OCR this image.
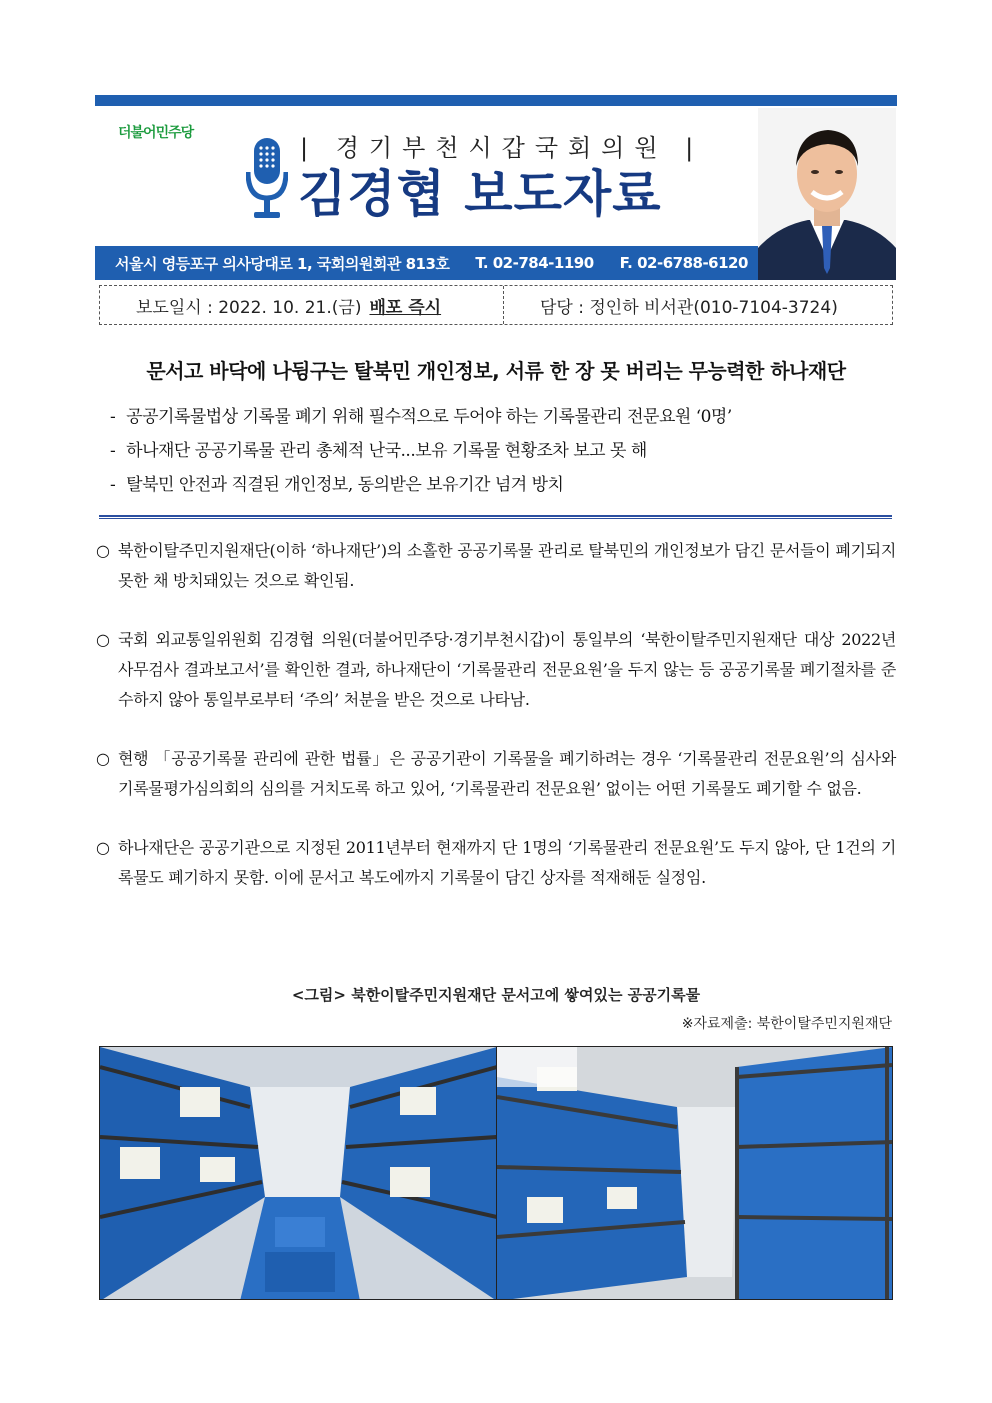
더불어민주당
| 경기부천시갑국회의원 |
김경협 보도자료
서울시 영등포구 의사당대로 1, 국회의원회관 813호 T. 02-784-1190 F. 02-6788-6120
보도일시 : 2022. 10. 21.(금) 배포 즉시	담당 : 정인하 비서관(010-7104-3724)
문서고 바닥에 나뒹구는 탈북민 개인정보, 서류 한 장 못 버리는 무능력한 하나재단
- 공공기록물법상 기록물 폐기 위해 필수적으로 두어야 하는 기록물관리 전문요원 ‘0명’
- 하나재단 공공기록물 관리 총체적 난국...보유 기록물 현황조차 보고 못 해
- 탈북민 안전과 직결된 개인정보, 동의받은 보유기간 넘겨 방치

○ 북한이탈주민지원재단(이하 ‘하나재단’)의 소홀한 공공기록물 관리로 탈북민의 개인정보가 담긴 문서들이 폐기되지 못한 채 방치돼있는 것으로 확인됨.

○ 국회 외교통일위원회 김경협 의원(더불어민주당·경기부천시갑)이 통일부의 ‘북한이탈주민지원재단 대상 2022년 사무검사 결과보고서’를 확인한 결과, 하나재단이 ‘기록물관리 전문요원’을 두지 않는 등 공공기록물 폐기절차를 준수하지 않아 통일부로부터 ‘주의’ 처분을 받은 것으로 나타남.

○ 현행 「공공기록물 관리에 관한 법률」은 공공기관이 기록물을 폐기하려는 경우 ‘기록물관리 전문요원’의 심사와 기록물평가심의회의 심의를 거치도록 하고 있어, ‘기록물관리 전문요원’ 없이는 어떤 기록물도 폐기할 수 없음.

○ 하나재단은 공공기관으로 지정된 2011년부터 현재까지 단 1명의 ‘기록물관리 전문요원’도 두지 않아, 단 1건의 기록물도 폐기하지 못함. 이에 문서고 복도에까지 기록물이 담긴 상자를 적재해둔 실정임.

<그림> 북한이탈주민지원재단 문서고에 쌓여있는 공공기록물
※자료제출: 북한이탈주민지원재단
